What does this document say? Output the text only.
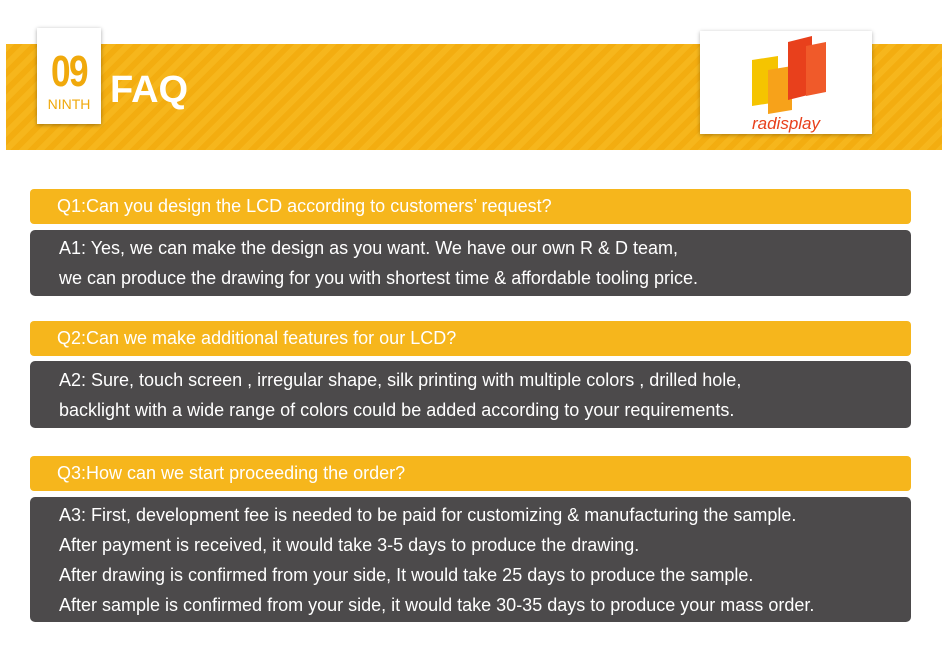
09
NINTH FAQ
radisplay
Q1:Can you design the LCD according to customers’ request?
A1: Yes, we can make the design as you want. We have our own R & D team,
we can produce the drawing for you with shortest time & affordable tooling price.
Q2:Can we make additional features for our LCD?
A2: Sure, touch screen , irregular shape, silk printing with multiple colors , drilled hole,
backlight with a wide range of colors could be added according to your requirements.
Q3:How can we start proceeding the order?
A3: First, development fee is needed to be paid for customizing & manufacturing the sample.
After payment is received, it would take 3-5 days to produce the drawing.
After drawing is confirmed from your side, It would take 25 days to produce the sample.
After sample is confirmed from your side, it would take 30-35 days to produce your mass order.
